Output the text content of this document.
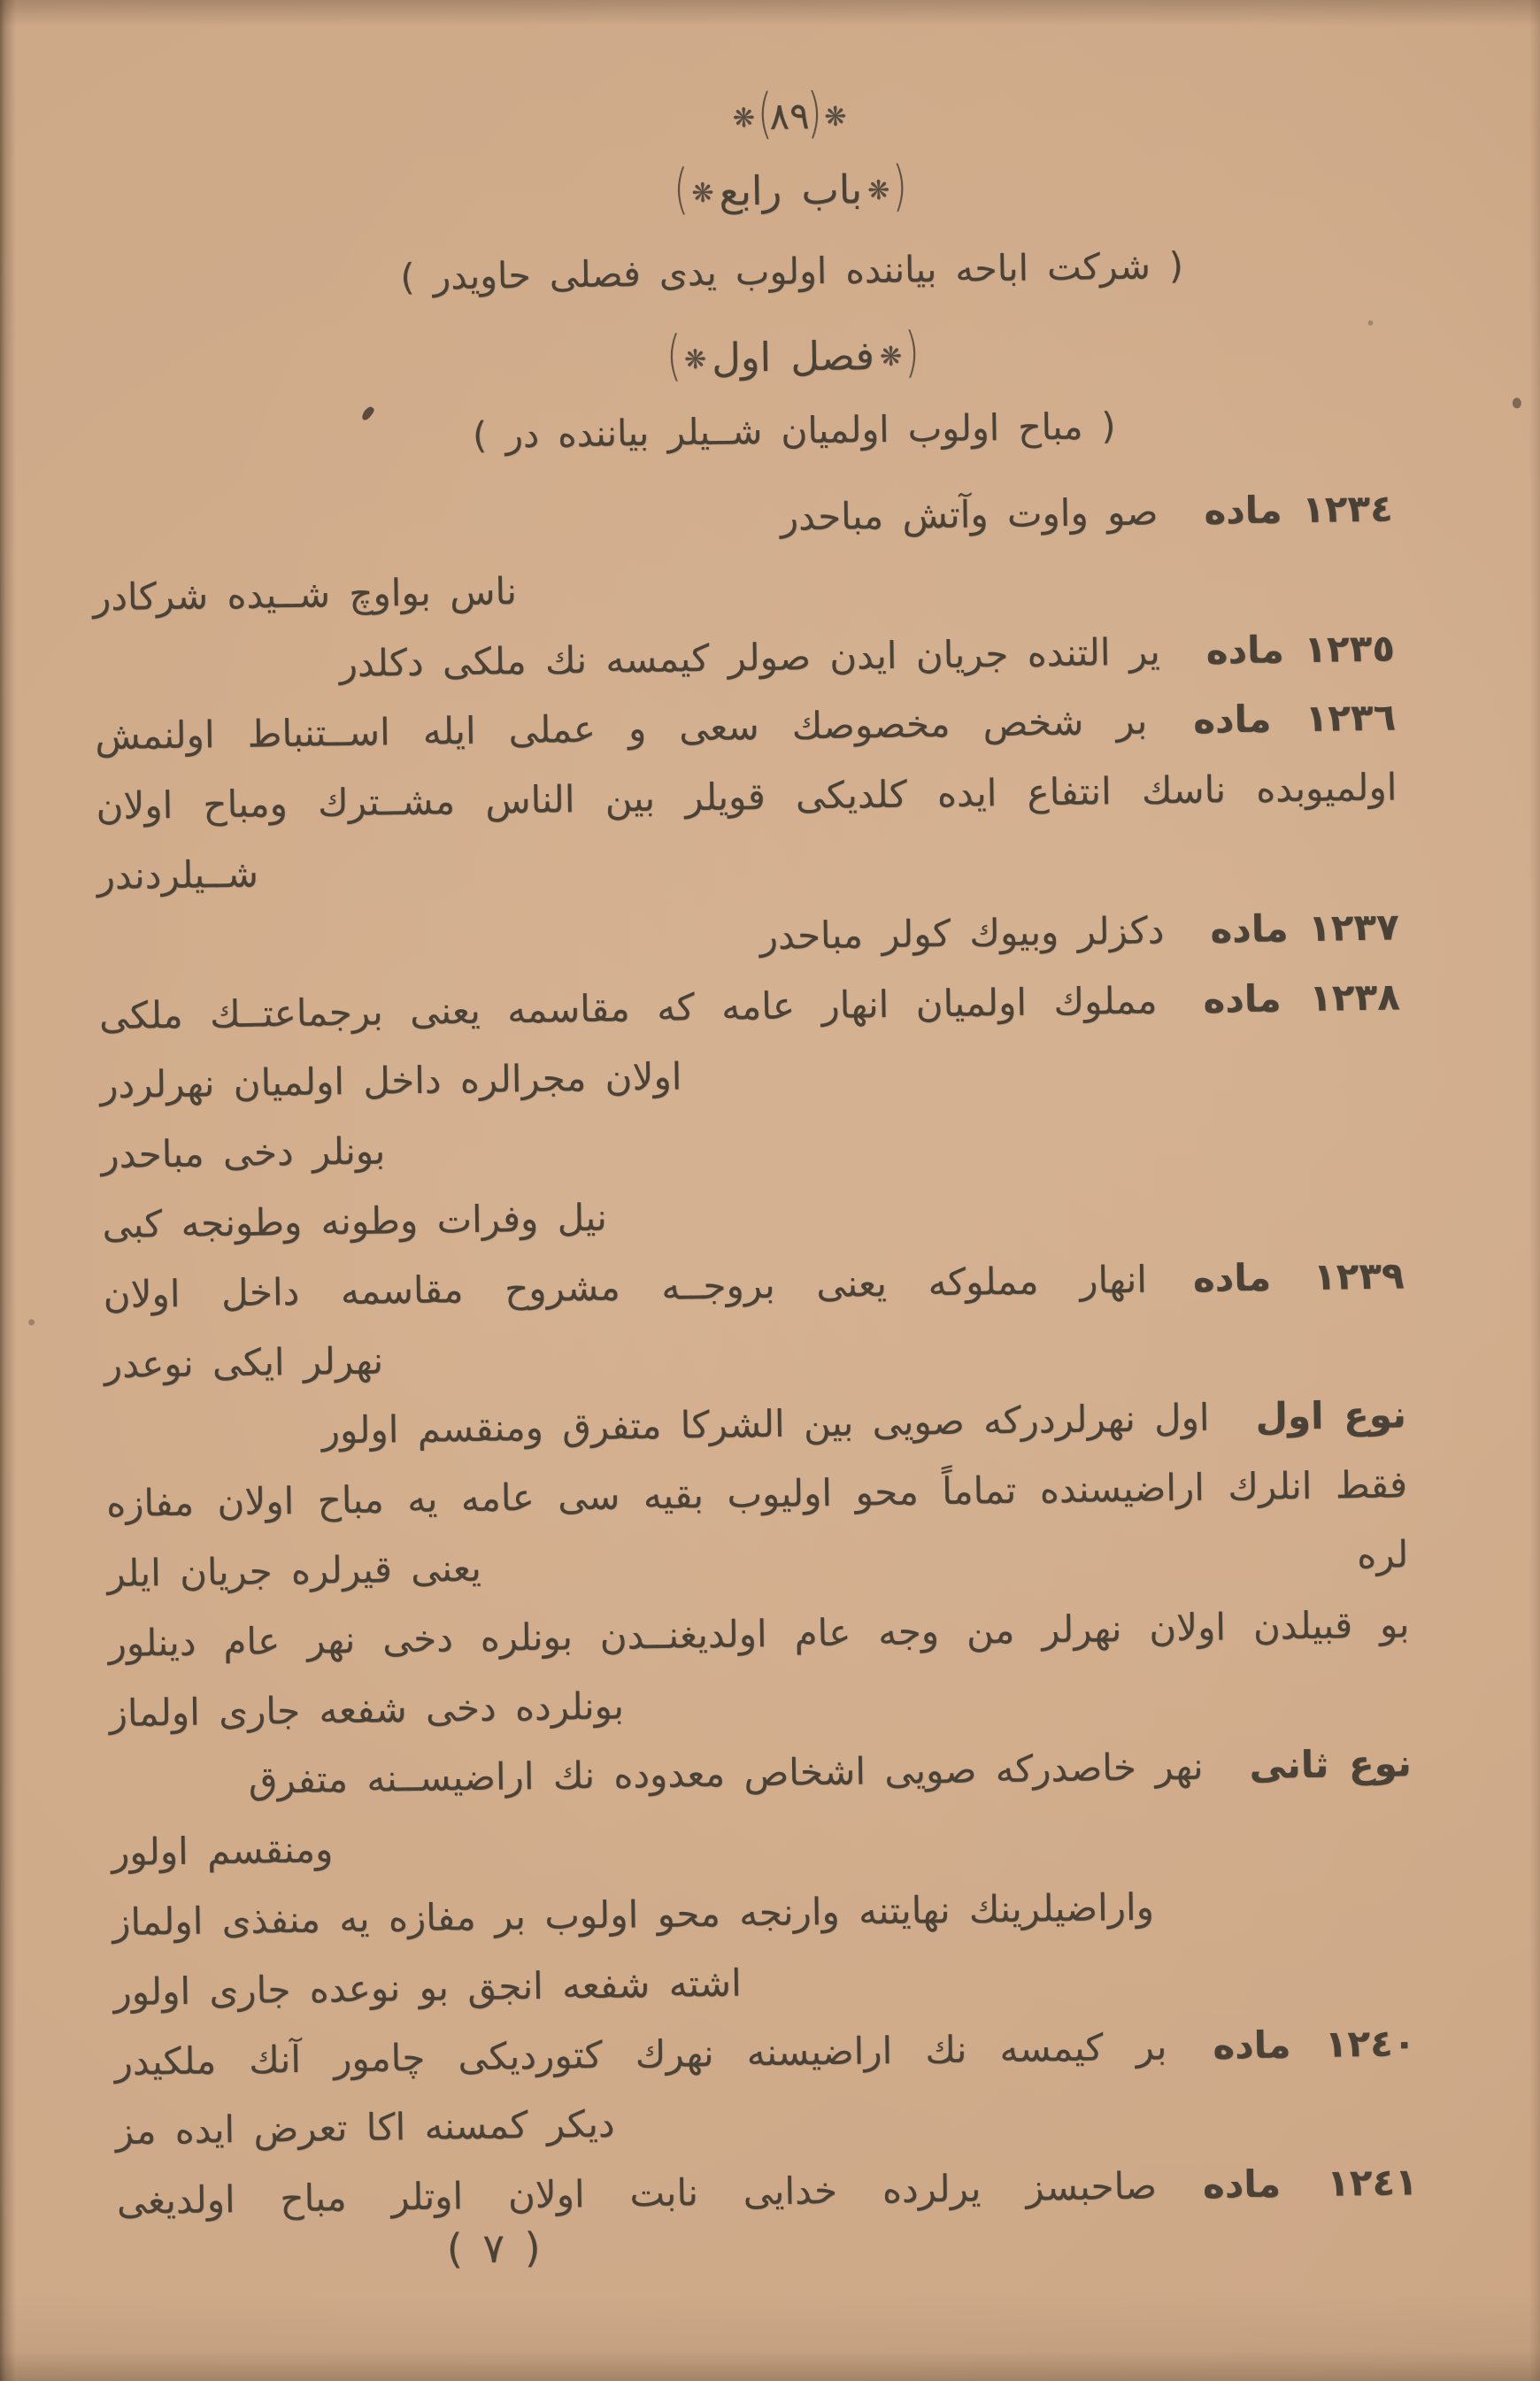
❋ (
٨٩
) ❋
( ❋ باب رابع ❋ )
( شركت اباحه بياننده اولوب يدى فصلى حاويدر )
( ❋ فصل اول ❋ )
( مباح اولوب اولميان شــيلر بياننده در )
١٢٣٤ مادهصو واوت وآتش مباحدر
ناس بواوچ شــيده شركادر
١٢٣٥ مادهير التنده جريان ايدن صولر كيمسه نك ملكى دكلدر
١٢٣٦ مادهبر شخص مخصوصك سعى و عملى ايله اســتنباط اولنمش
اولميوبده ناسك انتفاع ايده كلديكى قويلر بين الناس مشــترك ومباح اولان
شــيلردندر
١٢٣٧ مادهدكزلر وبيوك كولر مباحدر
١٢٣٨ مادهمملوك اولميان انهار عامه كه مقاسمه يعنى برجماعتــك ملكى
اولان مجرالره داخل اولميان نهرلردر
بونلر دخى مباحدر
نيل وفرات وطونه وطونجه كبى
١٢٣٩ مادهانهار مملوكه يعنى بروجــه مشروح مقاسمه داخل اولان
نهرلر ايكى نوعدر
نوع اولاول نهرلردركه صويى بين الشركا متفرق ومنقسم اولور
فقط انلرك اراضيسنده تماماً محو اوليوب بقيه سى عامه يه مباح اولان مفازه لره
يعنى قيرلره جريان ايلر
بو قبيلدن اولان نهرلر من وجه عام اولديغنــدن بونلره دخى نهر عام دينلور
بونلرده دخى شفعه جارى اولماز
نوع ثانىنهر خاصدركه صويى اشخاص معدوده نك اراضيســنه متفرق
ومنقسم اولور
واراضيلرينك نهايتنه وارنجه محو اولوب بر مفازه يه منفذى اولماز
اشته شفعه انجق بو نوعده جارى اولور
١٢٤٠ مادهبر كيمسه نك اراضيسنه نهرك كتورديكى چامور آنك ملكيدر
ديكر كمسنه اكا تعرض ايده مز
١٢٤١ مادهصاحبسز يرلرده خدايى نابت اولان اوتلر مباح اولديغى
( ٧ )
